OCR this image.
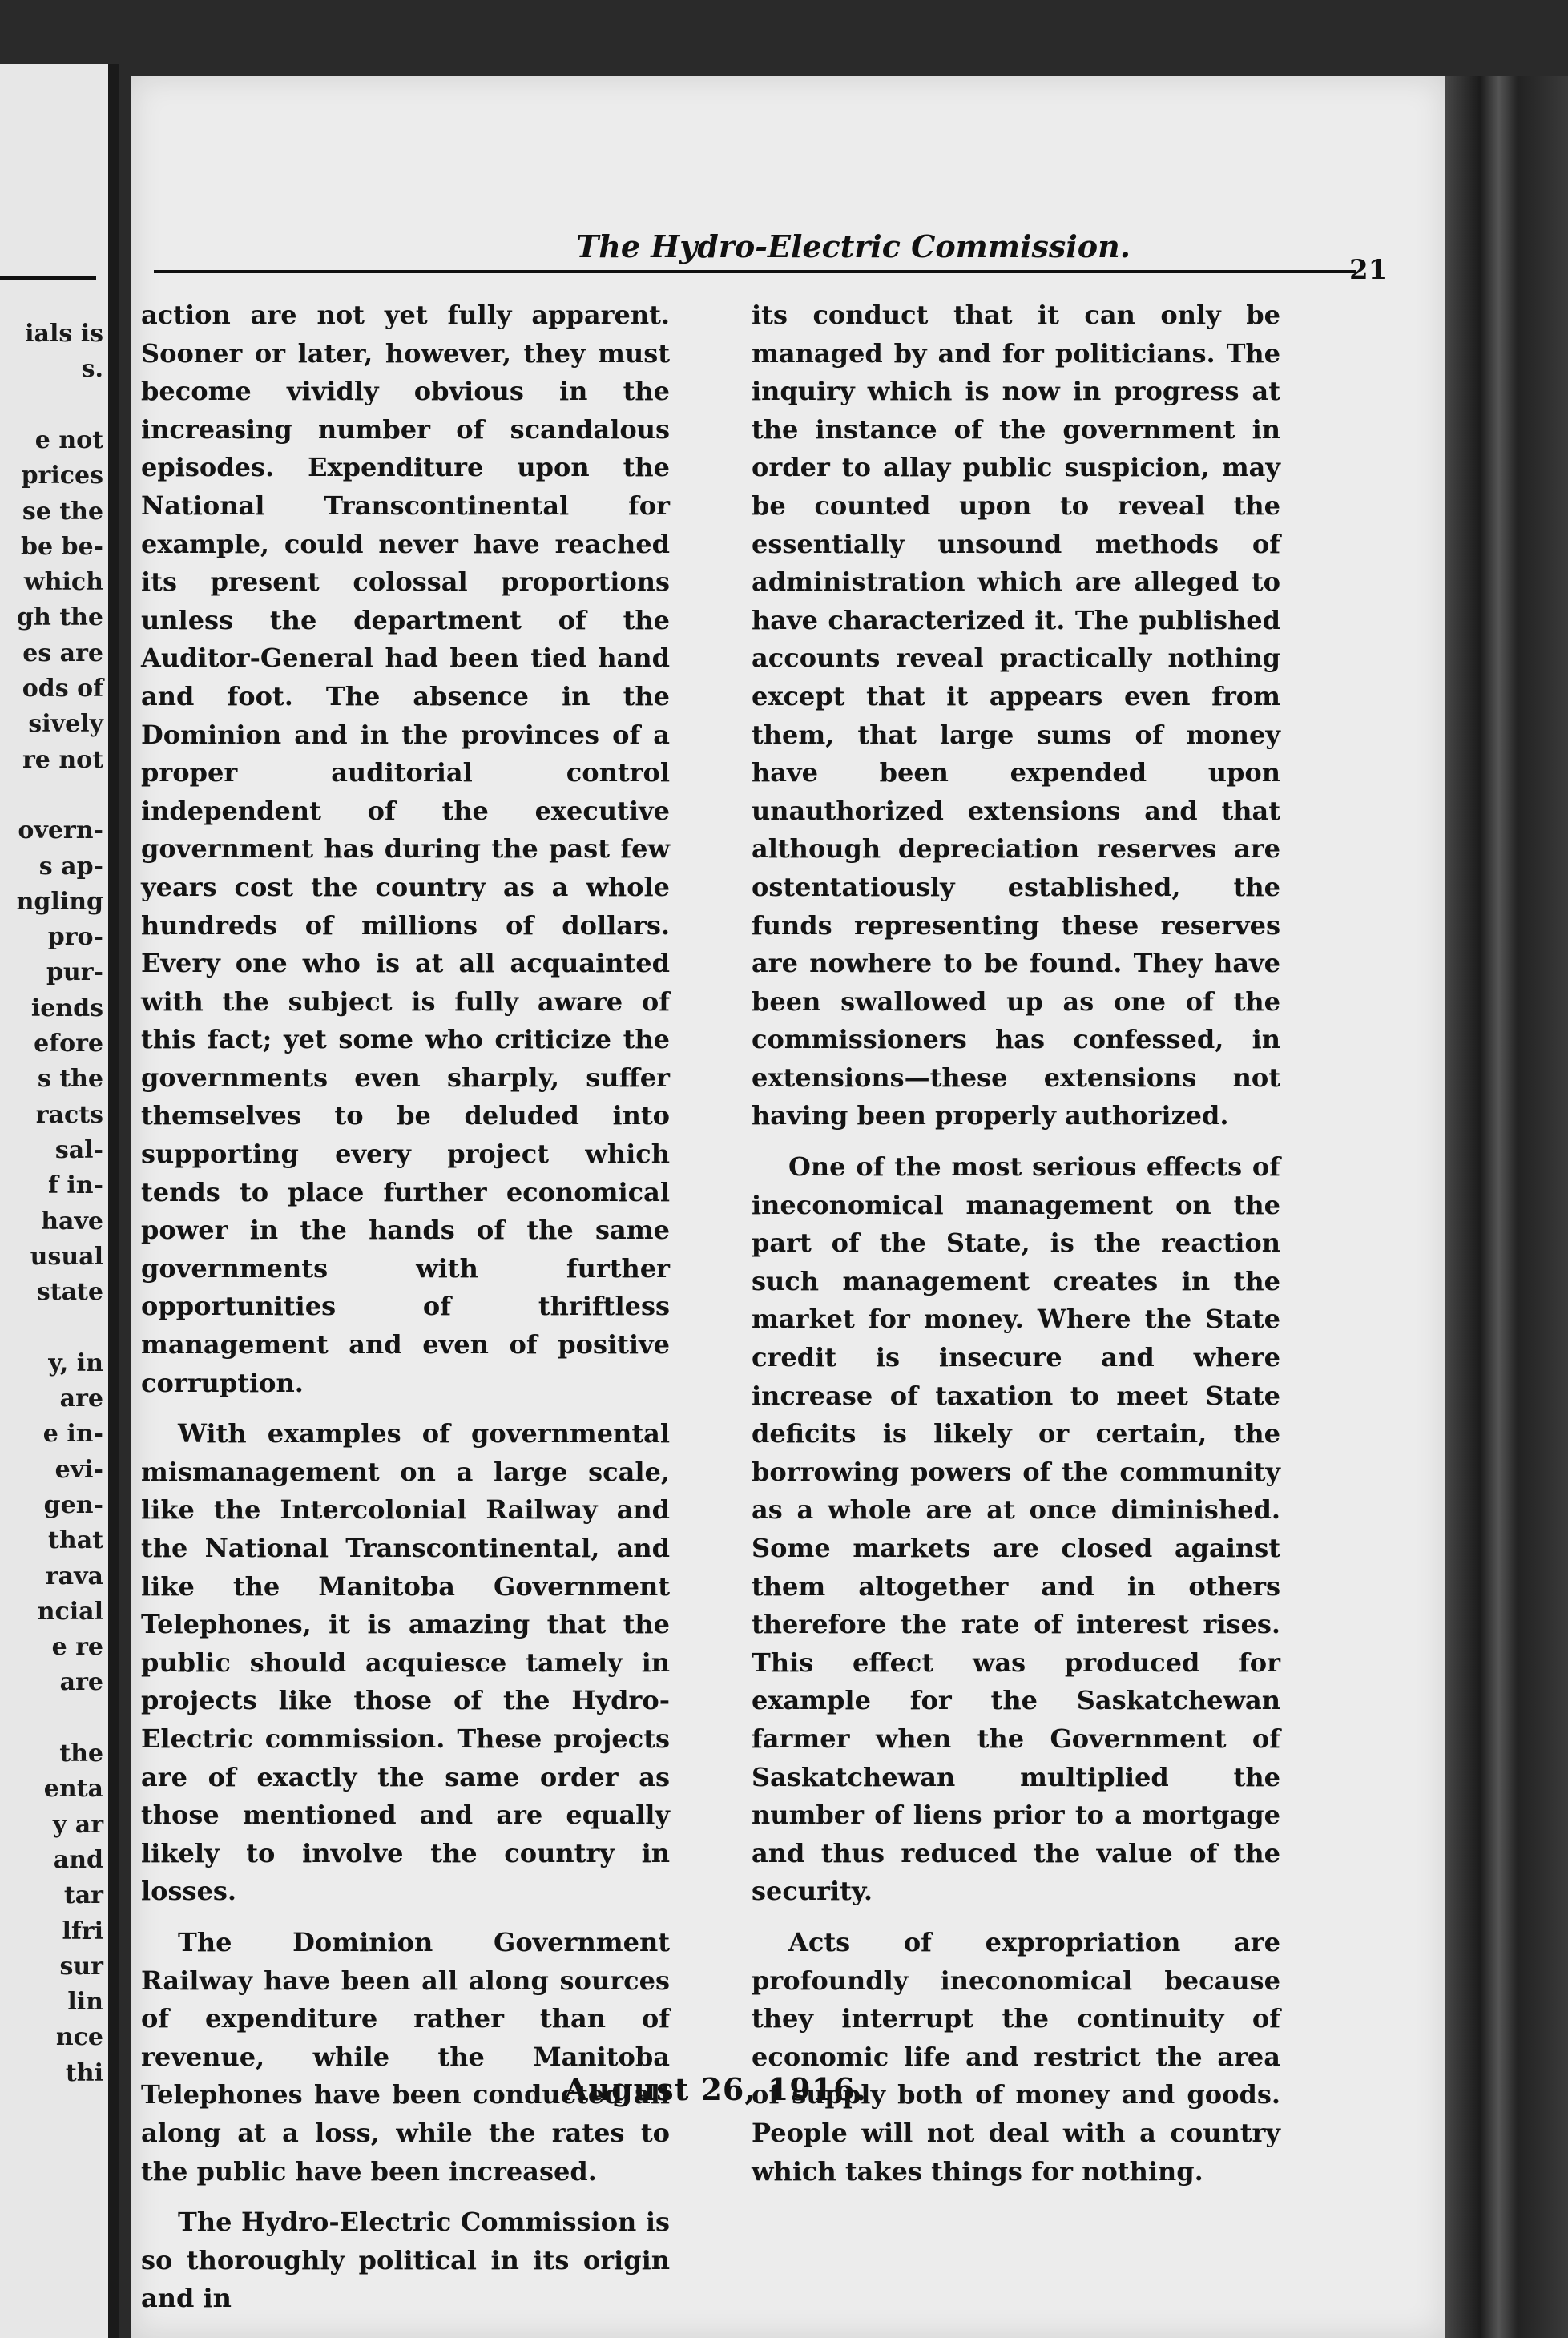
ials is
s.
e not
prices
se the
be be-
which
gh the
es are
ods of
sively
re not
overn-
s ap-
ngling
pro-
pur-
iends
efore
s the
racts
sal-
f in-
have
usual
state
y, in
are
e in-
evi-
gen-
that
rava
ncial
e re
are
the
enta
y ar
and
tar
lfri
sur
lin
nce
thi
The Hydro-Electric Commission.
21

action are not yet fully apparent. Sooner or later, however, they must become vividly obvious in the increasing number of scandalous episodes. Expenditure upon the National Transcontinental for example, could never have reached its present colossal proportions unless the department of the Auditor-General had been tied hand and foot. The absence in the Dominion and in the provinces of a proper auditorial control independent of the executive government has during the past few years cost the country as a whole hundreds of millions of dollars. Every one who is at all acquainted with the subject is fully aware of this fact; yet some who criticize the governments even sharply, suffer themselves to be deluded into supporting every project which tends to place further economical power in the hands of the same governments with further opportunities of thriftless management and even of positive corruption.

With examples of governmental mismanagement on a large scale, like the Intercolonial Railway and the National Transcontinental, and like the Manitoba Government Telephones, it is amazing that the public should acquiesce tamely in projects like those of the Hydro-Electric commission. These projects are of exactly the same order as those mentioned and are equally likely to involve the country in losses.

The Dominion Government Railway have been all along sources of expenditure rather than of revenue, while the Manitoba Telephones have been conducted all along at a loss, while the rates to the public have been increased.

The Hydro-Electric Commission is so thoroughly political in its origin and in

its conduct that it can only be managed by and for politicians. The inquiry which is now in progress at the instance of the government in order to allay public suspicion, may be counted upon to reveal the essentially unsound methods of administration which are alleged to have characterized it. The published accounts reveal practically nothing except that it appears even from them, that large sums of money have been expended upon unauthorized extensions and that although depreciation reserves are ostentatiously established, the funds representing these reserves are nowhere to be found. They have been swallowed up as one of the commissioners has confessed, in extensions—these extensions not having been properly authorized.

One of the most serious effects of ineconomical management on the part of the State, is the reaction such management creates in the market for money. Where the State credit is insecure and where increase of taxation to meet State deficits is likely or certain, the borrowing powers of the community as a whole are at once diminished. Some markets are closed against them altogether and in others therefore the rate of interest rises. This effect was produced for example for the Saskatchewan farmer when the Government of Saskatchewan multiplied the number of liens prior to a mortgage and thus reduced the value of the security.

Acts of expropriation are profoundly ineconomical because they interrupt the continuity of economic life and restrict the area of supply both of money and goods. People will not deal with a country which takes things for nothing.

August 26, 1916.
